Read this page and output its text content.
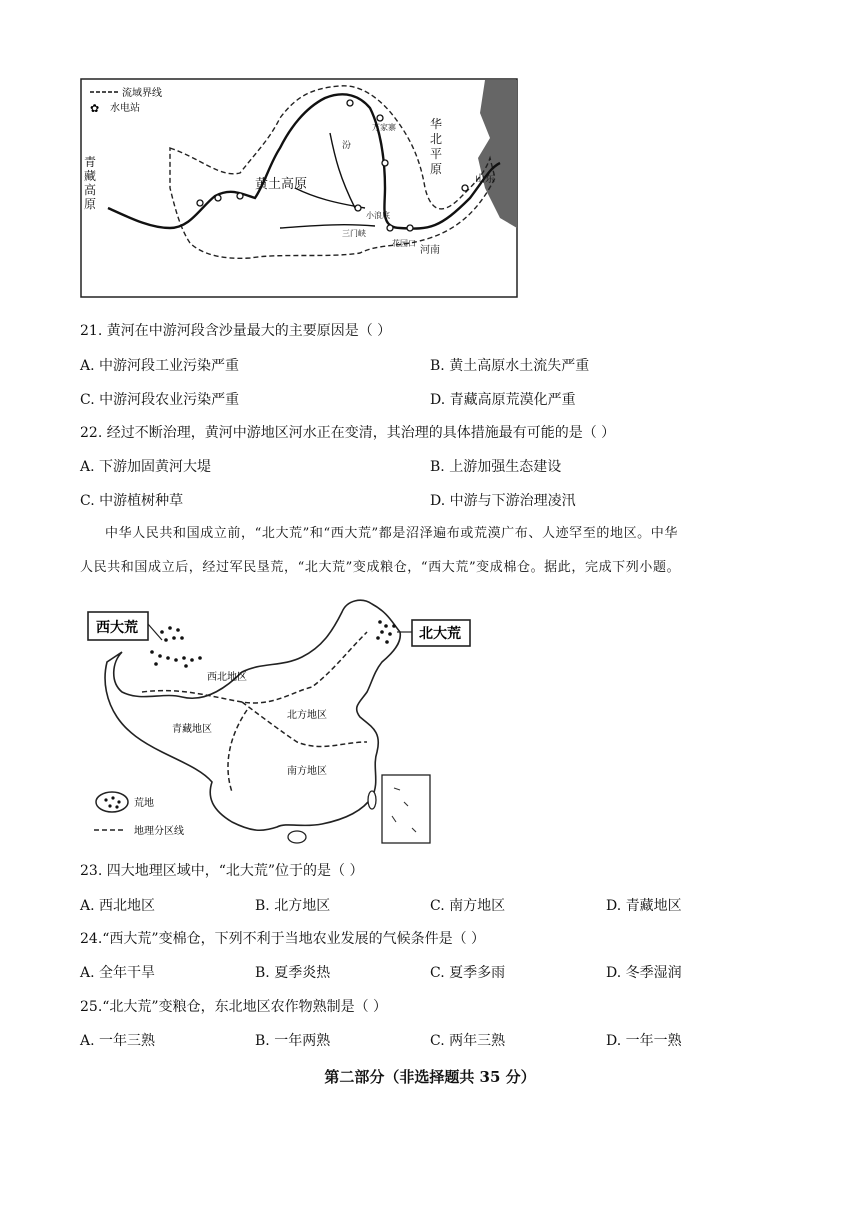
流域界线
✿ 水电站
青藏高原
黄土高原
华北平原
山东
河南
万家寨
小浪底
花园口
三门峡
汾
21. 黄河在中游河段含沙量最大的主要原因是（ ）
A. 中游河段工业污染严重	B. 黄土高原水土流失严重
C. 中游河段农业污染严重	D. 青藏高原荒漠化严重
22. 经过不断治理，黄河中游地区河水正在变清，其治理的具体措施最有可能的是（ ）
A. 下游加固黄河大堤	B. 上游加强生态建设
C. 中游植树种草	D. 中游与下游治理凌汛
中华人民共和国成立前，“北大荒”和“西大荒”都是沼泽遍布或荒漠广布、人迹罕至的地区。中华
人民共和国成立后，经过军民垦荒，“北大荒”变成粮仓，“西大荒”变成棉仓。据此，完成下列小题。
西大荒	北大荒
西北地区
北方地区
青藏地区
南方地区
荒地
地理分区线
23. 四大地理区域中，“北大荒”位于的是（ ）
A. 西北地区	B. 北方地区	C. 南方地区	D. 青藏地区
24.“西大荒”变棉仓，下列不利于当地农业发展的气候条件是（ ）
A. 全年干旱	B. 夏季炎热	C. 夏季多雨	D. 冬季湿润
25.“北大荒”变粮仓，东北地区农作物熟制是（ ）
A. 一年三熟	B. 一年两熟	C. 两年三熟	D. 一年一熟
第二部分（非选择题共 35 分）
